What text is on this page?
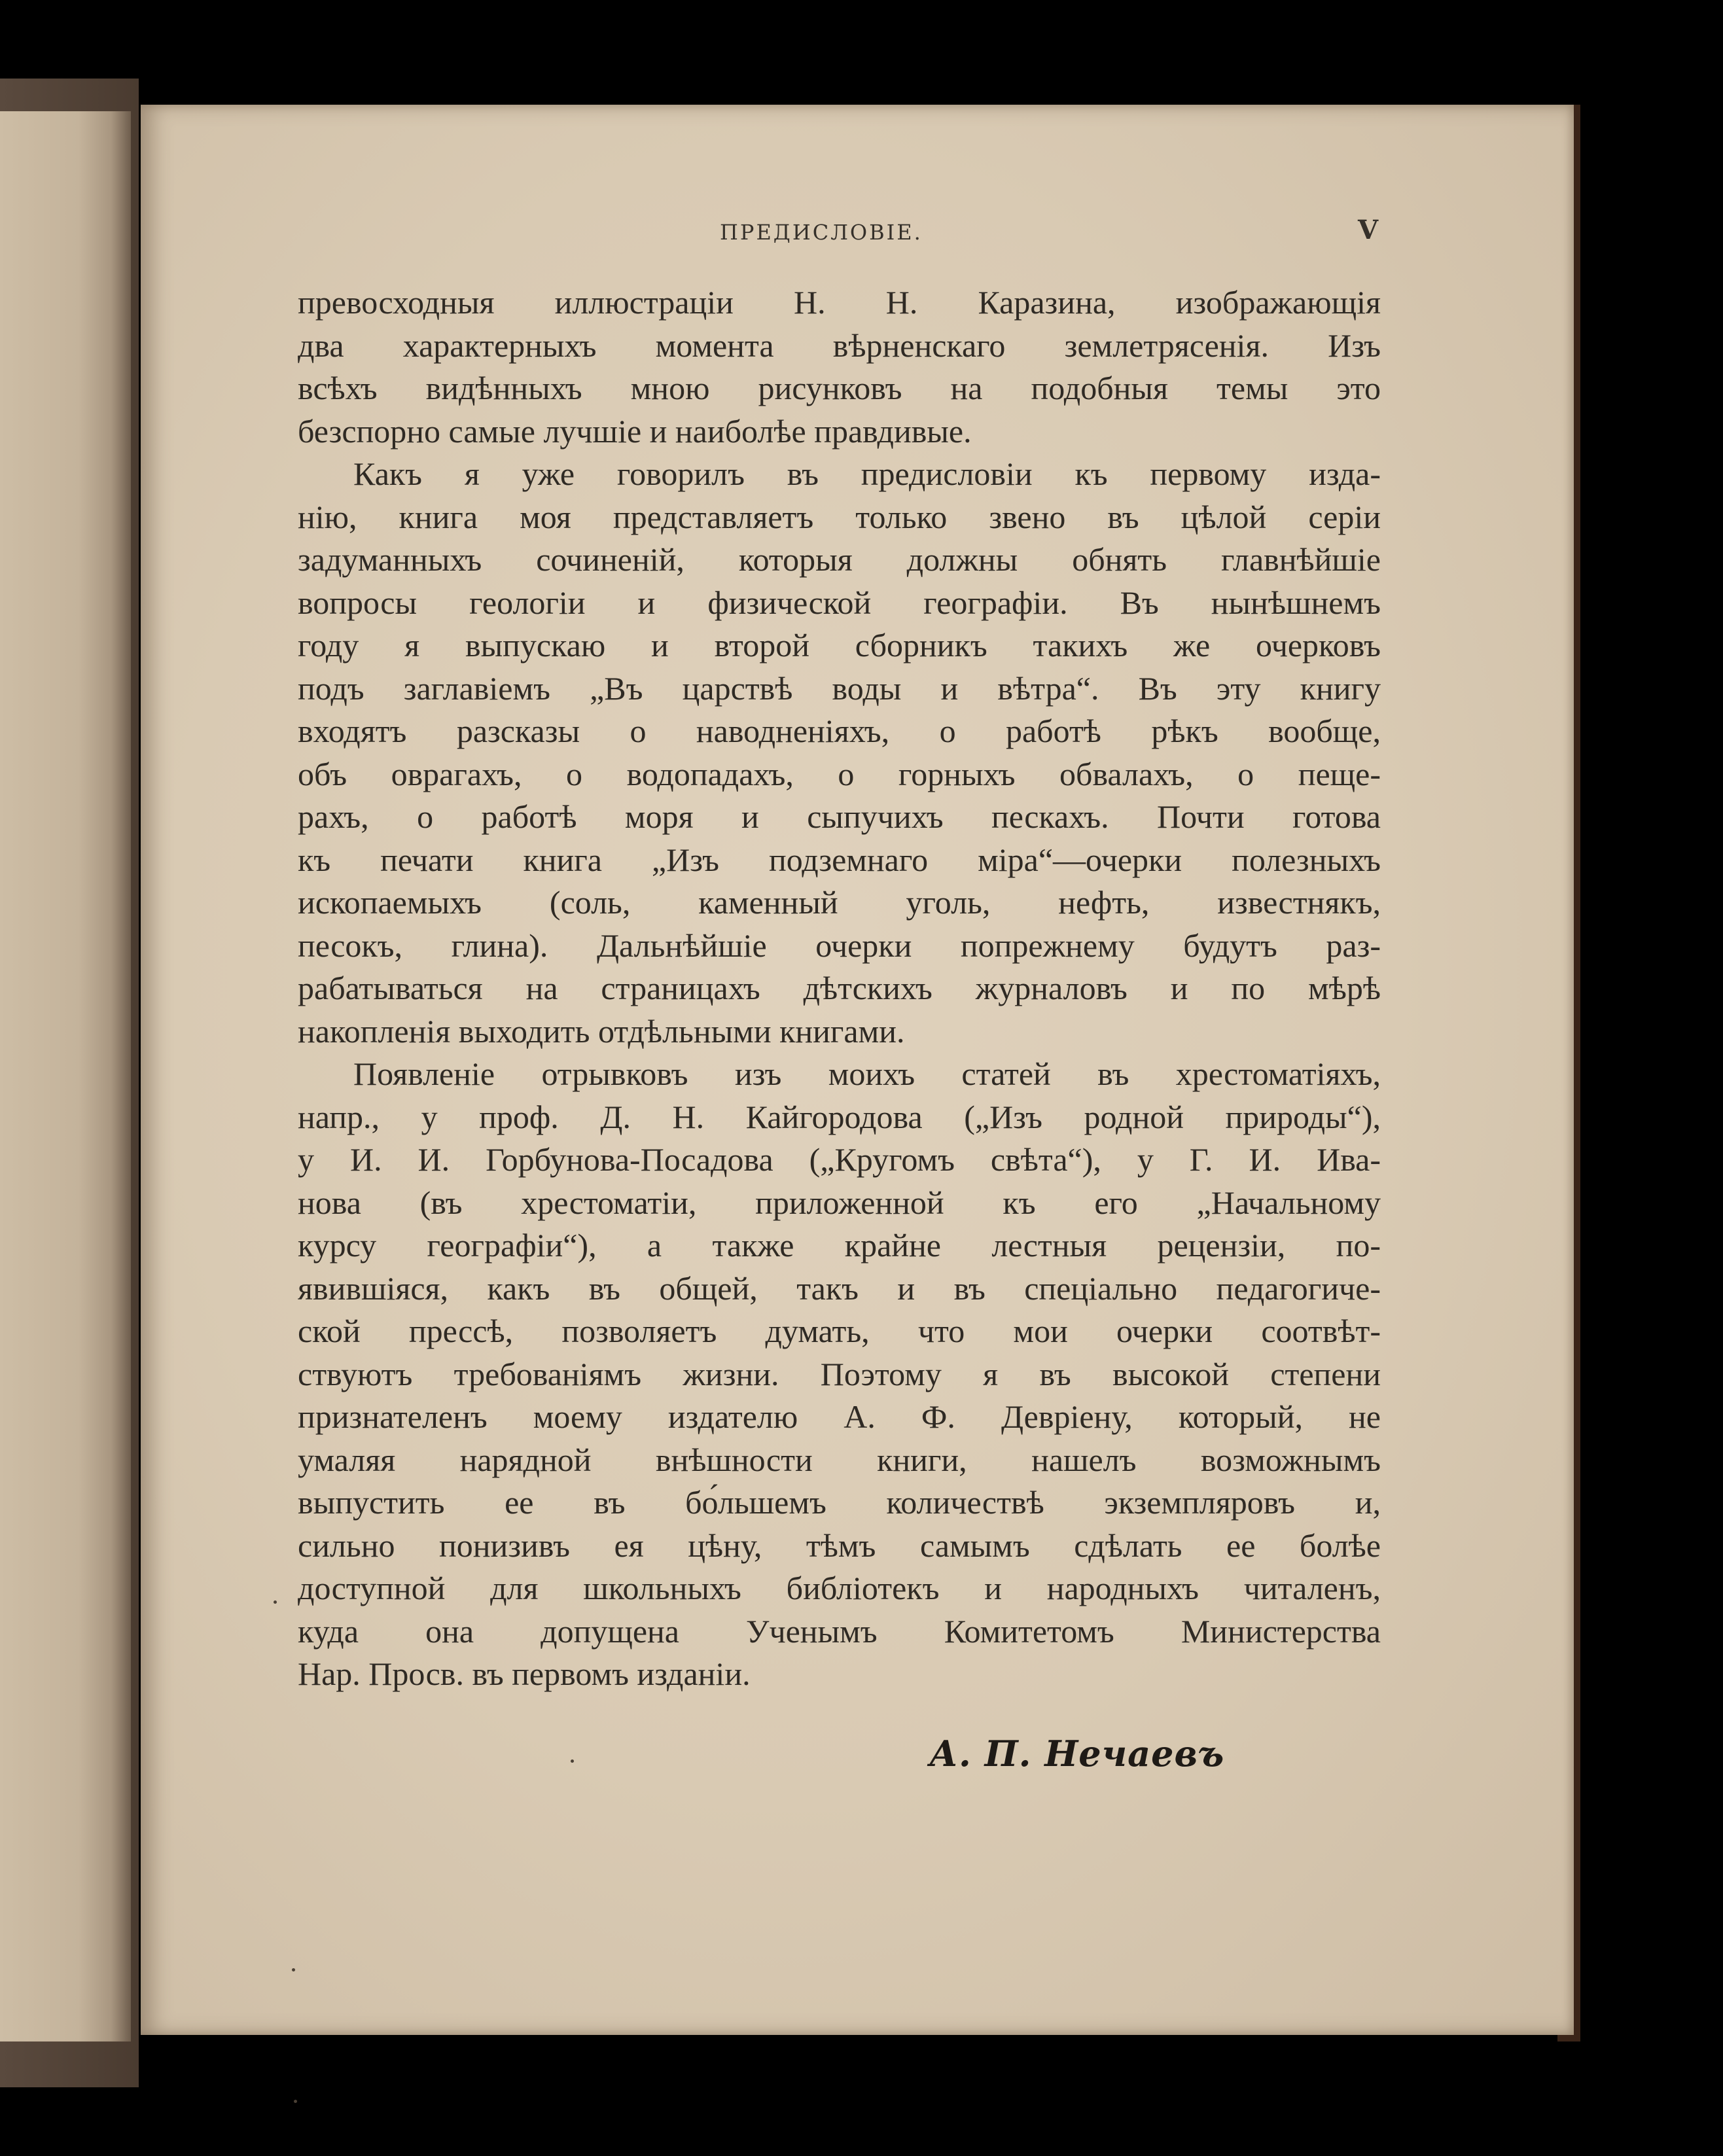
ПРЕДИСЛОВІЕ.	V
превосходныя иллюстраціи Н. Н. Каразина, изображающія
два характерныхъ момента вѣрненскаго землетрясенія. Изъ
всѣхъ видѣнныхъ мною рисунковъ на подобныя темы это
безспорно самые лучшіе и наиболѣе правдивые.
Какъ я уже говорилъ въ предисловіи къ первому изда-
нію, книга моя представляетъ только звено въ цѣлой серіи
задуманныхъ сочиненій, которыя должны обнять главнѣйшіе
вопросы геологіи и физической географіи. Въ нынѣшнемъ
году я выпускаю и второй сборникъ такихъ же очерковъ
подъ заглавіемъ „Въ царствѣ воды и вѣтра“. Въ эту книгу
входятъ разсказы о наводненіяхъ, о работѣ рѣкъ вообще,
объ оврагахъ, о водопадахъ, о горныхъ обвалахъ, о пеще-
рахъ, о работѣ моря и сыпучихъ пескахъ. Почти готова
къ печати книга „Изъ подземнаго міра“—очерки полезныхъ
ископаемыхъ (соль, каменный уголь, нефть, известнякъ,
песокъ, глина). Дальнѣйшіе очерки попрежнему будутъ раз-
рабатываться на страницахъ дѣтскихъ журналовъ и по мѣрѣ
накопленія выходить отдѣльными книгами.
Появленіе отрывковъ изъ моихъ статей въ хрестоматіяхъ,
напр., у проф. Д. Н. Кайгородова („Изъ родной природы“),
у И. И. Горбунова-Посадова („Кругомъ свѣта“), у Г. И. Ива-
нова (въ хрестоматіи, приложенной къ его „Начальному
курсу географіи“), а также крайне лестныя рецензіи, по-
явившіяся, какъ въ общей, такъ и въ спеціально педагогиче-
ской прессѣ, позволяетъ думать, что мои очерки соотвѣт-
ствуютъ требованіямъ жизни. Поэтому я въ высокой степени
признателенъ моему издателю А. Ф. Девріену, который, не
умаляя нарядной внѣшности книги, нашелъ возможнымъ
выпустить ее въ бо́льшемъ количествѣ экземпляровъ и,
сильно понизивъ ея цѣну, тѣмъ самымъ сдѣлать ее болѣе
доступной для школьныхъ библіотекъ и народныхъ читаленъ,
куда она допущена Ученымъ Комитетомъ Министерства
Нар. Просв. въ первомъ изданіи.
А. П. Нечаевъ
